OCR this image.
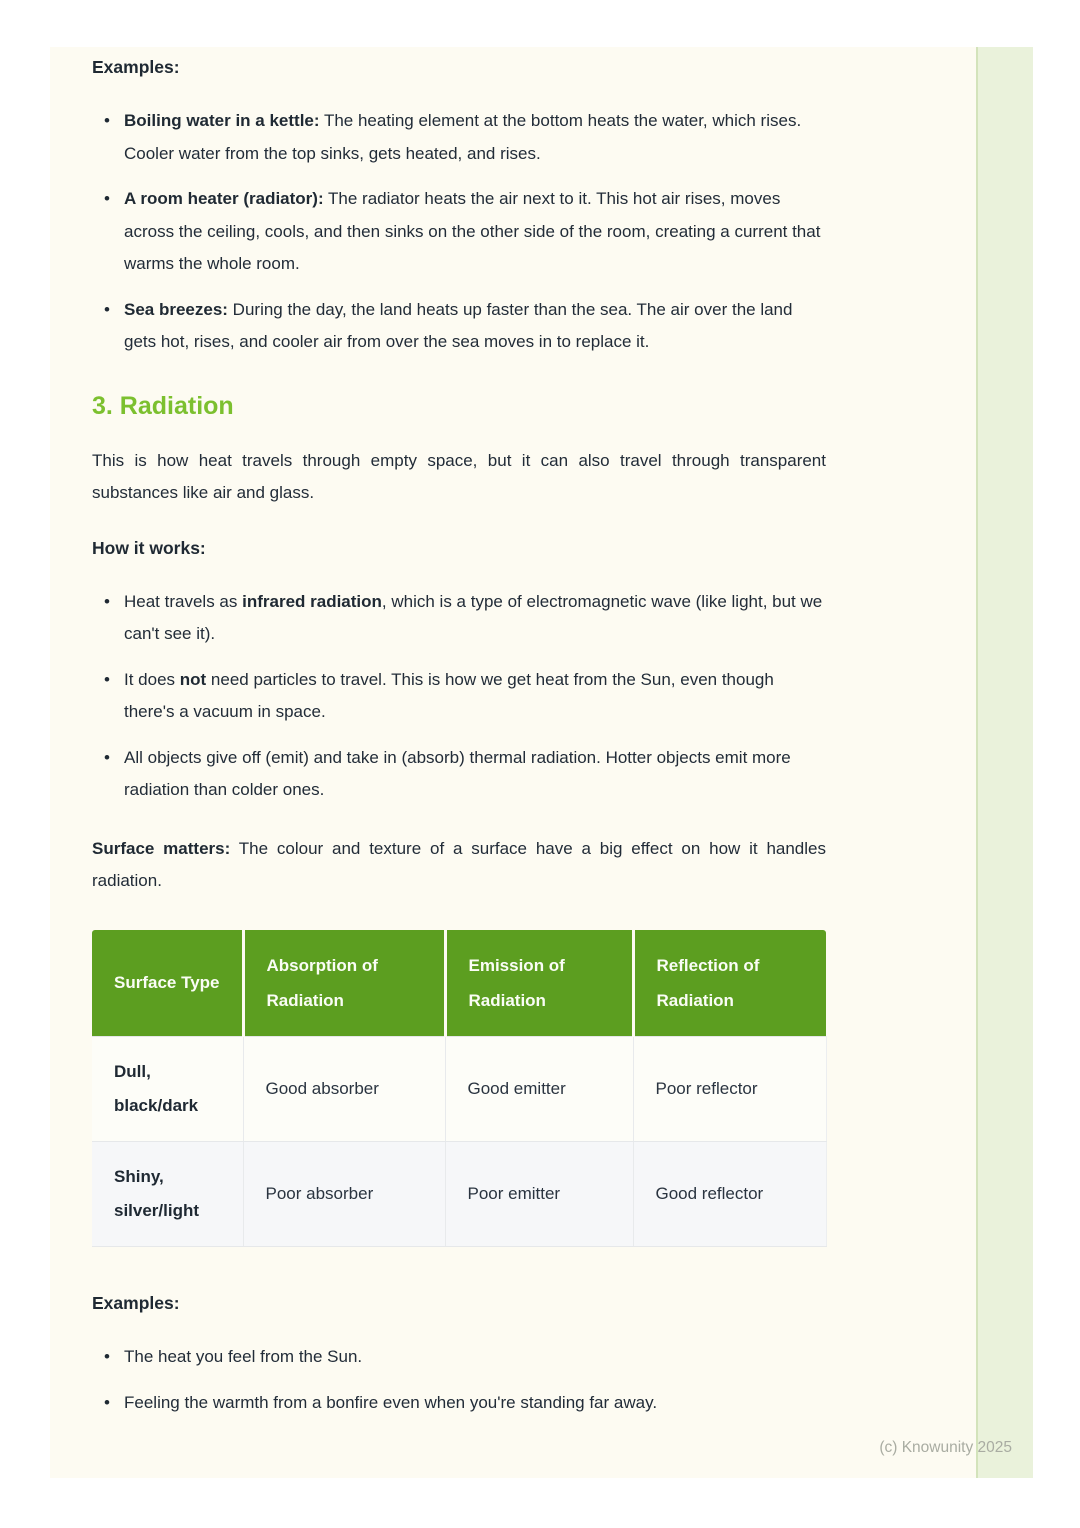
Examples:
• Boiling water in a kettle: The heating element at the bottom heats the water, which rises. Cooler water from the top sinks, gets heated, and rises.
• A room heater (radiator): The radiator heats the air next to it. This hot air rises, moves across the ceiling, cools, and then sinks on the other side of the room, creating a current that warms the whole room.
• Sea breezes: During the day, the land heats up faster than the sea. The air over the land gets hot, rises, and cooler air from over the sea moves in to replace it.
3. Radiation

This is how heat travels through empty space, but it can also travel through transparent substances like air and glass.

How it works:
• Heat travels as infrared radiation, which is a type of electromagnetic wave (like light, but we can't see it).
• It does not need particles to travel. This is how we get heat from the Sun, even though there's a vacuum in space.
• All objects give off (emit) and take in (absorb) thermal radiation. Hotter objects emit more radiation than colder ones.

Surface matters: The colour and texture of a surface have a big effect on how it handles radiation.

Surface Type	Absorption of Radiation	Emission of Radiation	Reflection of Radiation
Dull, black/dark	Good absorber	Good emitter	Poor reflector
Shiny, silver/light	Poor absorber	Poor emitter	Good reflector
Examples:
• The heat you feel from the Sun.
• Feeling the warmth from a bonfire even when you're standing far away.
(c) Knowunity 2025
